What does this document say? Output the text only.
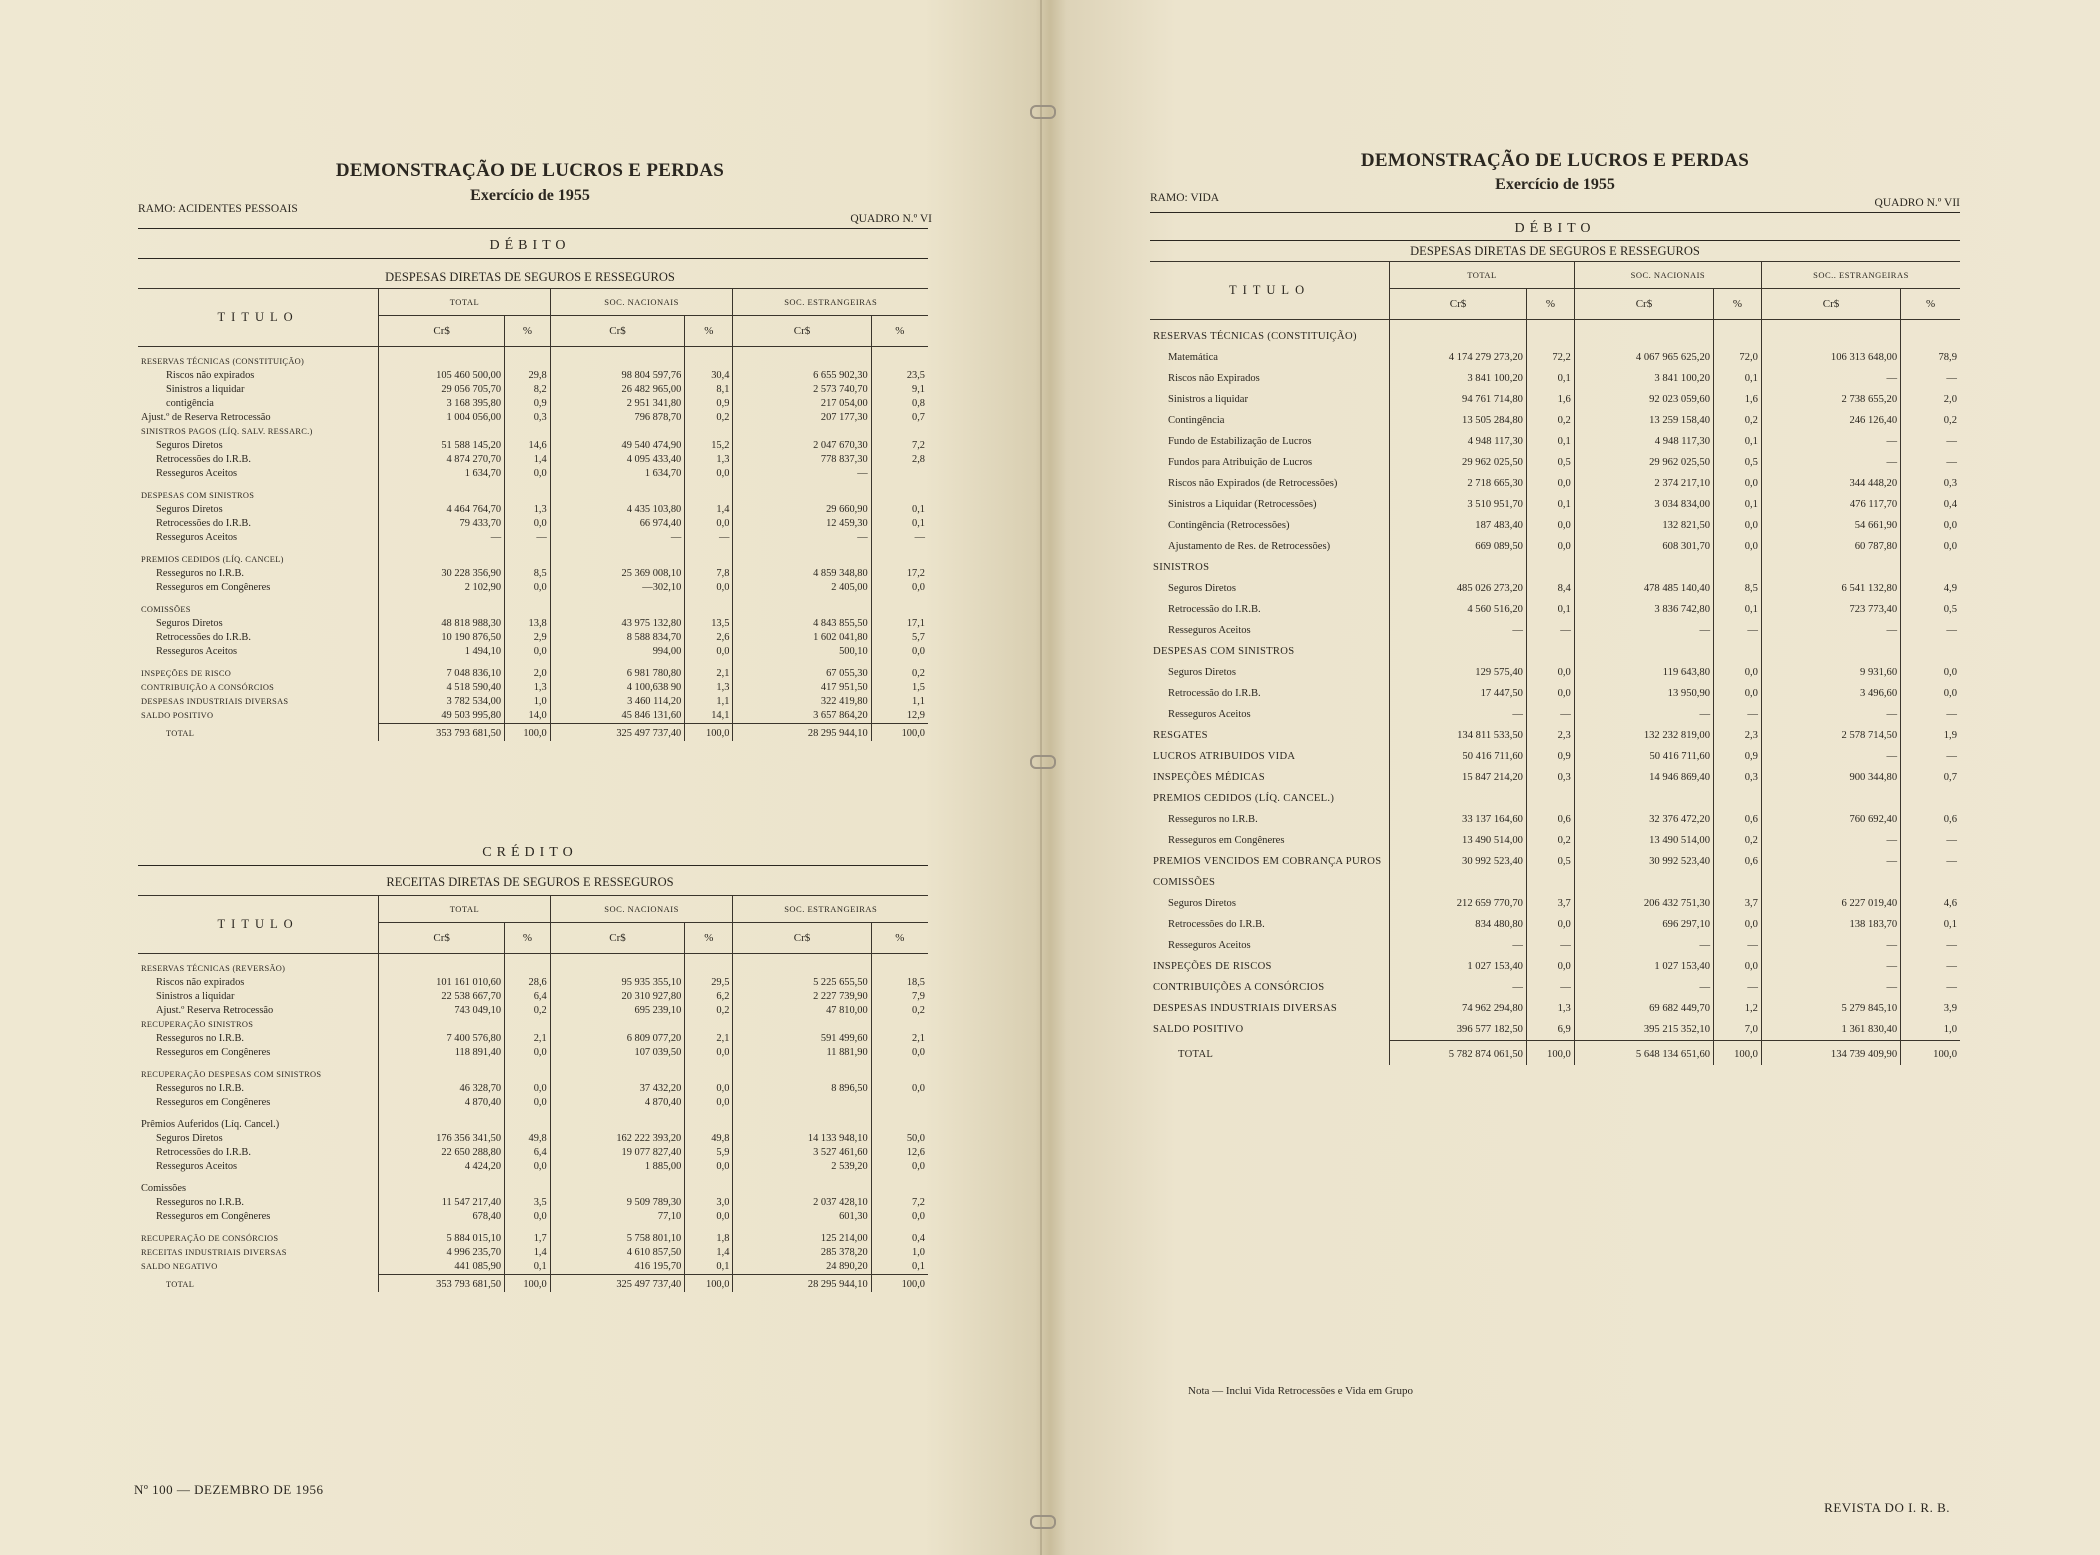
DEMONSTRAÇÃO DE LUCROS E PERDAS
Exercício de 1955
RAMO: ACIDENTES PESSOAIS
QUADRO N.º VI
DÉBITO
DESPESAS DIRETAS DE SEGUROS E RESSEGUROS
TITULO	TOTAL		SOC. NACIONAIS		SOC. ESTRANGEIRAS	
	Cr$	%	Cr$	%	Cr$	%

RESERVAS TÉCNICAS (CONSTITUIÇÃO)						
Riscos não expirados	105 460 500,00	29,8	98 804 597,76	30,4	6 655 902,30	23,5
Sinistros a liquidar	29 056 705,70	8,2	26 482 965,00	8,1	2 573 740,70	9,1
contigência	3 168 395,80	0,9	2 951 341,80	0,9	217 054,00	0,8
Ajust.º de Reserva Retrocessão	1 004 056,00	0,3	796 878,70	0,2	207 177,30	0,7
SINISTROS PAGOS (LÍQ. SALV. RESSARC.)						
Seguros Diretos	51 588 145,20	14,6	49 540 474,90	15,2	2 047 670,30	7,2
Retrocessões do I.R.B.	4 874 270,70	1,4	4 095 433,40	1,3	778 837,30	2,8
Resseguros Aceitos	1 634,70	0,0	1 634,70	0,0	—	

DESPESAS COM SINISTROS						
Seguros Diretos	4 464 764,70	1,3	4 435 103,80	1,4	29 660,90	0,1
Retrocessões do I.R.B.	79 433,70	0,0	66 974,40	0,0	12 459,30	0,1
Resseguros Aceitos	—	—	—	—	—	—

PREMIOS CEDIDOS (LÍQ. CANCEL)						
Resseguros no I.R.B.	30 228 356,90	8,5	25 369 008,10	7,8	4 859 348,80	17,2
Resseguros em Congêneres	2 102,90	0,0	—302,10	0,0	2 405,00	0,0

COMISSÕES						
Seguros Diretos	48 818 988,30	13,8	43 975 132,80	13,5	4 843 855,50	17,1
Retrocessões do I.R.B.	10 190 876,50	2,9	8 588 834,70	2,6	1 602 041,80	5,7
Resseguros Aceitos	1 494,10	0,0	994,00	0,0	500,10	0,0

INSPEÇÕES DE RISCO	7 048 836,10	2,0	6 981 780,80	2,1	67 055,30	0,2
CONTRIBUIÇÃO A CONSÓRCIOS	4 518 590,40	1,3	4 100,638 90	1,3	417 951,50	1,5
DESPESAS INDUSTRIAIS DIVERSAS	3 782 534,00	1,0	3 460 114,20	1,1	322 419,80	1,1
SALDO POSITIVO	49 503 995,80	14,0	45 846 131,60	14,1	3 657 864,20	12,9
TOTAL	353 793 681,50	100,0	325 497 737,40	100,0	28 295 944,10	100,0
CRÉDITO
RECEITAS DIRETAS DE SEGUROS E RESSEGUROS
TITULO	TOTAL		SOC. NACIONAIS		SOC. ESTRANGEIRAS	
	Cr$	%	Cr$	%	Cr$	%

RESERVAS TÉCNICAS (REVERSÃO)						
Riscos não expirados	101 161 010,60	28,6	95 935 355,10	29,5	5 225 655,50	18,5
Sinistros a liquidar	22 538 667,70	6,4	20 310 927,80	6,2	2 227 739,90	7,9
Ajust.º Reserva Retrocessão	743 049,10	0,2	695 239,10	0,2	47 810,00	0,2
RECUPERAÇÃO SINISTROS						
Resseguros no I.R.B.	7 400 576,80	2,1	6 809 077,20	2,1	591 499,60	2,1
Resseguros em Congêneres	118 891,40	0,0	107 039,50	0,0	11 881,90	0,0

RECUPERAÇÃO DESPESAS COM SINISTROS						
Resseguros no I.R.B.	46 328,70	0,0	37 432,20	0,0	8 896,50	0,0
Resseguros em Congêneres	4 870,40	0,0	4 870,40	0,0		

Prêmios Auferidos (Líq. Cancel.)						
Seguros Diretos	176 356 341,50	49,8	162 222 393,20	49,8	14 133 948,10	50,0
Retrocessões do I.R.B.	22 650 288,80	6,4	19 077 827,40	5,9	3 527 461,60	12,6
Resseguros Aceitos	4 424,20	0,0	1 885,00	0,0	2 539,20	0,0

Comissões						
Resseguros no I.R.B.	11 547 217,40	3,5	9 509 789,30	3,0	2 037 428,10	7,2
Resseguros em Congêneres	678,40	0,0	77,10	0,0	601,30	0,0

RECUPERAÇÃO DE CONSÓRCIOS	5 884 015,10	1,7	5 758 801,10	1,8	125 214,00	0,4
RECEITAS INDUSTRIAIS DIVERSAS	4 996 235,70	1,4	4 610 857,50	1,4	285 378,20	1,0
SALDO NEGATIVO	441 085,90	0,1	416 195,70	0,1	24 890,20	0,1
TOTAL	353 793 681,50	100,0	325 497 737,40	100,0	28 295 944,10	100,0
Nº 100 — DEZEMBRO DE 1956
DEMONSTRAÇÃO DE LUCROS E PERDAS
Exercício de 1955
RAMO: VIDA	QUADRO N.º VII
DÉBITO
DESPESAS DIRETAS DE SEGUROS E RESSEGUROS
TITULO	TOTAL		SOC. NACIONAIS		SOC.. ESTRANGEIRAS	
	Cr$	%	Cr$	%	Cr$	%

RESERVAS TÉCNICAS (CONSTITUIÇÃO)						
Matemática	4 174 279 273,20	72,2	4 067 965 625,20	72,0	106 313 648,00	78,9
Riscos não Expirados	3 841 100,20	0,1	3 841 100,20	0,1	—	—
Sinistros a liquidar	94 761 714,80	1,6	92 023 059,60	1,6	2 738 655,20	2,0
Contingência	13 505 284,80	0,2	13 259 158,40	0,2	246 126,40	0,2
Fundo de Estabilização de Lucros	4 948 117,30	0,1	4 948 117,30	0,1	—	—
Fundos para Atribuição de Lucros	29 962 025,50	0,5	29 962 025,50	0,5	—	—
Riscos não Expirados (de Retrocessões)	2 718 665,30	0,0	2 374 217,10	0,0	344 448,20	0,3
Sinistros a Liquidar (Retrocessões)	3 510 951,70	0,1	3 034 834,00	0,1	476 117,70	0,4
Contingência (Retrocessões)	187 483,40	0,0	132 821,50	0,0	54 661,90	0,0
Ajustamento de Res. de Retrocessões)	669 089,50	0,0	608 301,70	0,0	60 787,80	0,0
SINISTROS						
Seguros Diretos	485 026 273,20	8,4	478 485 140,40	8,5	6 541 132,80	4,9
Retrocessão do I.R.B.	4 560 516,20	0,1	3 836 742,80	0,1	723 773,40	0,5
Resseguros Aceitos	—	—	—	—	—	—
DESPESAS COM SINISTROS						
Seguros Diretos	129 575,40	0,0	119 643,80	0,0	9 931,60	0,0
Retrocessão do I.R.B.	17 447,50	0,0	13 950,90	0,0	3 496,60	0,0
Resseguros Aceitos	—	—	—	—	—	—
RESGATES	134 811 533,50	2,3	132 232 819,00	2,3	2 578 714,50	1,9
LUCROS ATRIBUIDOS VIDA	50 416 711,60	0,9	50 416 711,60	0,9	—	—
INSPEÇÕES MÉDICAS	15 847 214,20	0,3	14 946 869,40	0,3	900 344,80	0,7
PREMIOS CEDIDOS (LÍQ. CANCEL.)						
Resseguros no I.R.B.	33 137 164,60	0,6	32 376 472,20	0,6	760 692,40	0,6
Resseguros em Congêneres	13 490 514,00	0,2	13 490 514,00	0,2	—	—
PREMIOS VENCIDOS EM COBRANÇA PUROS	30 992 523,40	0,5	30 992 523,40	0,6	—	—
COMISSÕES						
Seguros Diretos	212 659 770,70	3,7	206 432 751,30	3,7	6 227 019,40	4,6
Retrocessões do I.R.B.	834 480,80	0,0	696 297,10	0,0	138 183,70	0,1
Resseguros Aceitos	—	—	—	—	—	—
INSPEÇÕES DE RISCOS	1 027 153,40	0,0	1 027 153,40	0,0	—	—
CONTRIBUIÇÕES A CONSÓRCIOS	—	—	—	—	—	—
DESPESAS INDUSTRIAIS DIVERSAS	74 962 294,80	1,3	69 682 449,70	1,2	5 279 845,10	3,9
SALDO POSITIVO	396 577 182,50	6,9	395 215 352,10	7,0	1 361 830,40	1,0
TOTAL	5 782 874 061,50	100,0	5 648 134 651,60	100,0	134 739 409,90	100,0
Nota — Inclui Vida Retrocessões e Vida em Grupo
REVISTA DO I. R. B.
